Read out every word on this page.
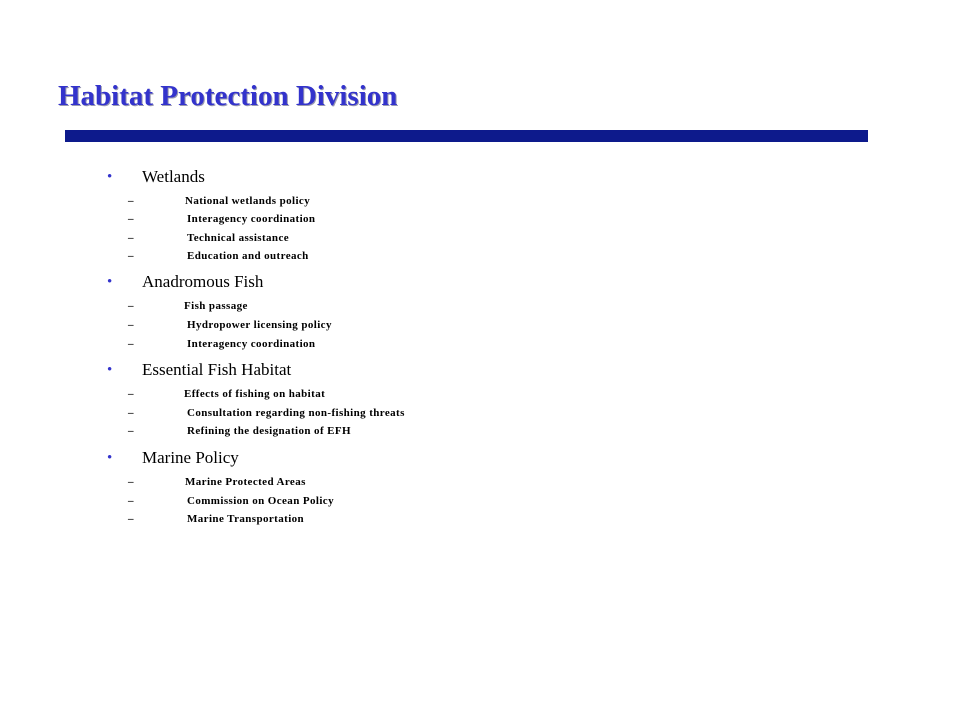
Habitat Protection Division
• Wetlands
–	National wetlands policy
–	Interagency coordination
–	Technical assistance
–	Education and outreach
• Anadromous Fish
–	Fish passage
–	Hydropower licensing policy
–	Interagency coordination
• Essential Fish Habitat
–	Effects of fishing on habitat
–	Consultation regarding non-fishing threats
–	Refining the designation of EFH
• Marine Policy
–	Marine Protected Areas
–	Commission on Ocean Policy
–	Marine Transportation
